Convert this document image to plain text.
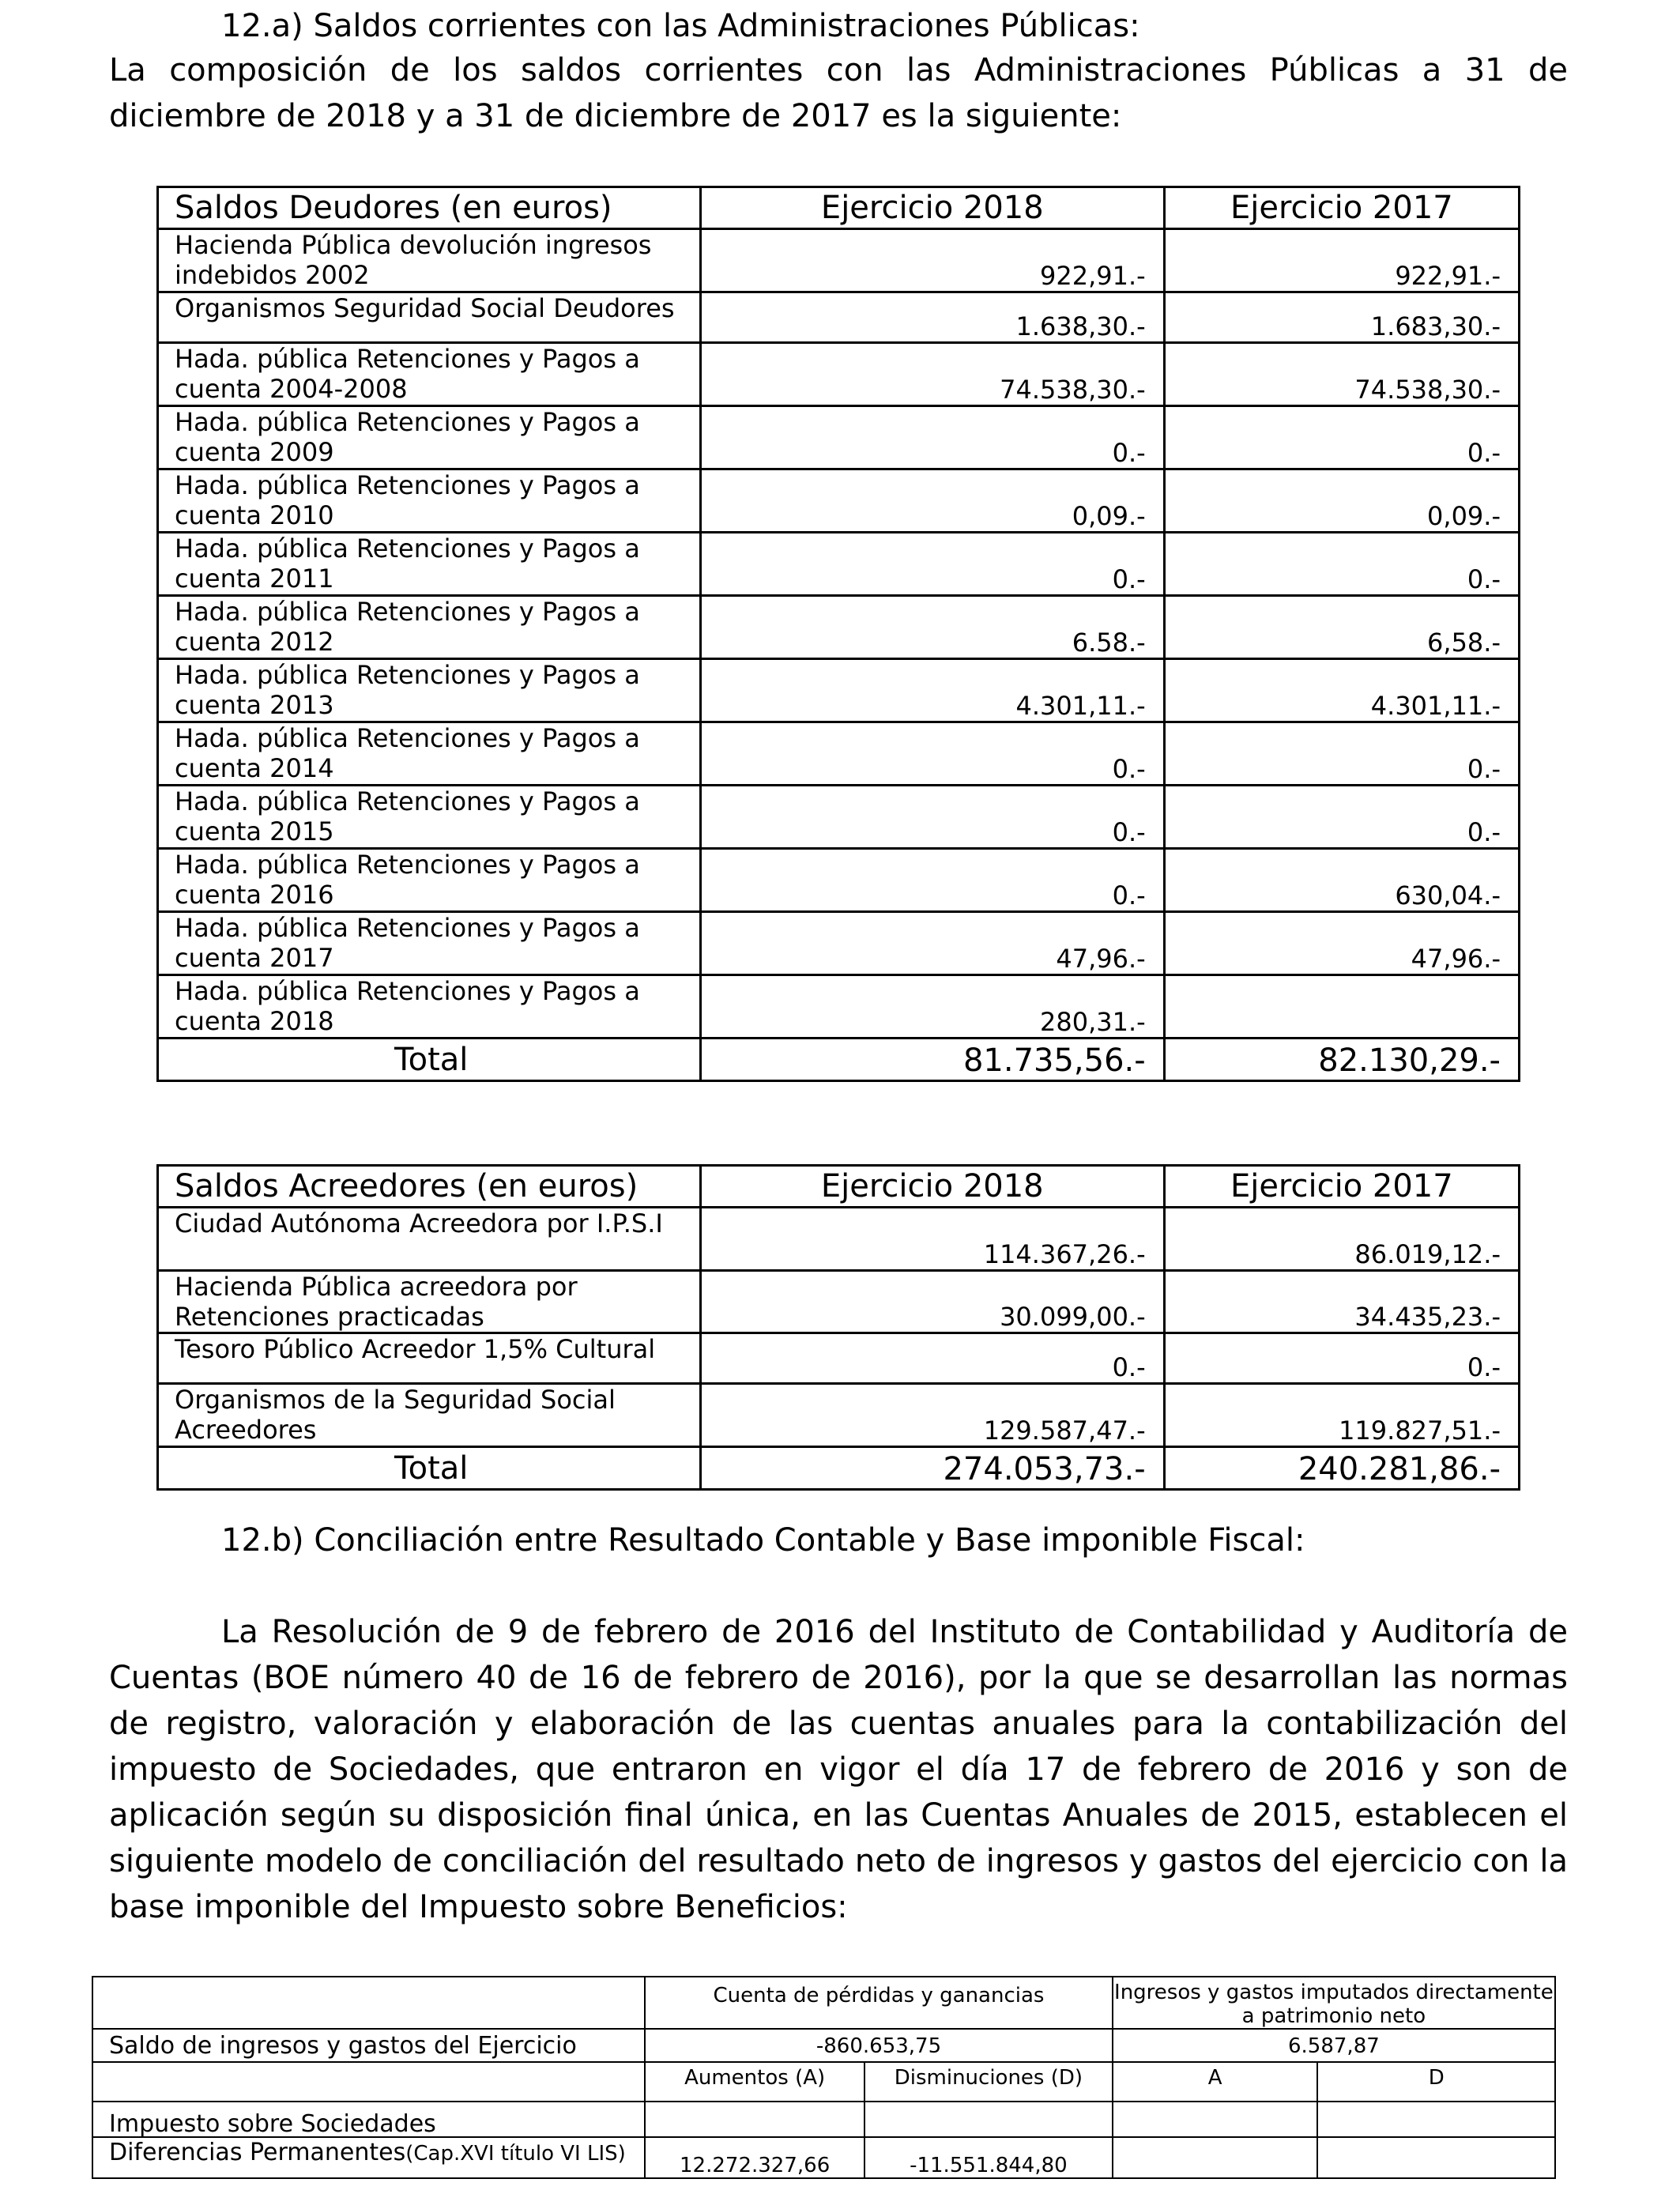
12.a) Saldos corrientes con las Administraciones Públicas:
La composición de los saldos corrientes con las Administraciones Públicas a 31 de
diciembre de 2018 y a 31 de diciembre de 2017 es la siguiente:
Saldos Deudores (en euros)	Ejercicio 2018	Ejercicio 2017

Hacienda Pública devolución ingresos
indebidos 2002	922,91.-	922,91.-

Organismos Seguridad Social Deudores	1.638,30.-	1.683,30.-

Hada. pública Retenciones y Pagos a
cuenta 2004-2008	74.538,30.-	74.538,30.-

Hada. pública Retenciones y Pagos a
cuenta 2009	0.-	0.-

Hada. pública Retenciones y Pagos a
cuenta 2010	0,09.-	0,09.-

Hada. pública Retenciones y Pagos a
cuenta 2011	0.-	0.-

Hada. pública Retenciones y Pagos a
cuenta 2012	6.58.-	6,58.-

Hada. pública Retenciones y Pagos a
cuenta 2013	4.301,11.-	4.301,11.-

Hada. pública Retenciones y Pagos a
cuenta 2014	0.-	0.-

Hada. pública Retenciones y Pagos a
cuenta 2015	0.-	0.-

Hada. pública Retenciones y Pagos a
cuenta 2016	0.-	630,04.-

Hada. pública Retenciones y Pagos a
cuenta 2017	47,96.-	47,96.-

Hada. pública Retenciones y Pagos a
cuenta 2018	280,31.-	
Total	81.735,56.-	82.130,29.-
Saldos Acreedores (en euros)	Ejercicio 2018	Ejercicio 2017

Ciudad Autónoma Acreedora por I.P.S.I	114.367,26.-	86.019,12.-

Hacienda Pública acreedora por
Retenciones practicadas	30.099,00.-	34.435,23.-

Tesoro Público Acreedor 1,5% Cultural	0.-	0.-

Organismos de la Seguridad Social
Acreedores	129.587,47.-	119.827,51.-
Total	274.053,73.-	240.281,86.-
12.b) Conciliación entre Resultado Contable y Base imponible Fiscal:
La Resolución de 9 de febrero de 2016 del Instituto de Contabilidad y Auditoría de
Cuentas (BOE número 40 de 16 de febrero de 2016), por la que se desarrollan las normas
de registro, valoración y elaboración de las cuentas anuales para la contabilización del
impuesto de Sociedades, que entraron en vigor el día 17 de febrero de 2016 y son de
aplicación según su disposición final única, en las Cuentas Anuales de 2015, establecen el
siguiente modelo de conciliación del resultado neto de ingresos y gastos del ejercicio con la
base imponible del Impuesto sobre Beneficios:
	Cuenta de pérdidas y ganancias		Ingresos y gastos imputados directamente
a patrimonio neto	

Saldo de ingresos y gastos del Ejercicio	-860.653,75		6.587,87	
	Aumentos (A)	Disminuciones (D)	A	D
Impuesto sobre Sociedades				
Diferencias Permanentes(Cap.XVI título VI LIS)	12.272.327,66	-11.551.844,80		
